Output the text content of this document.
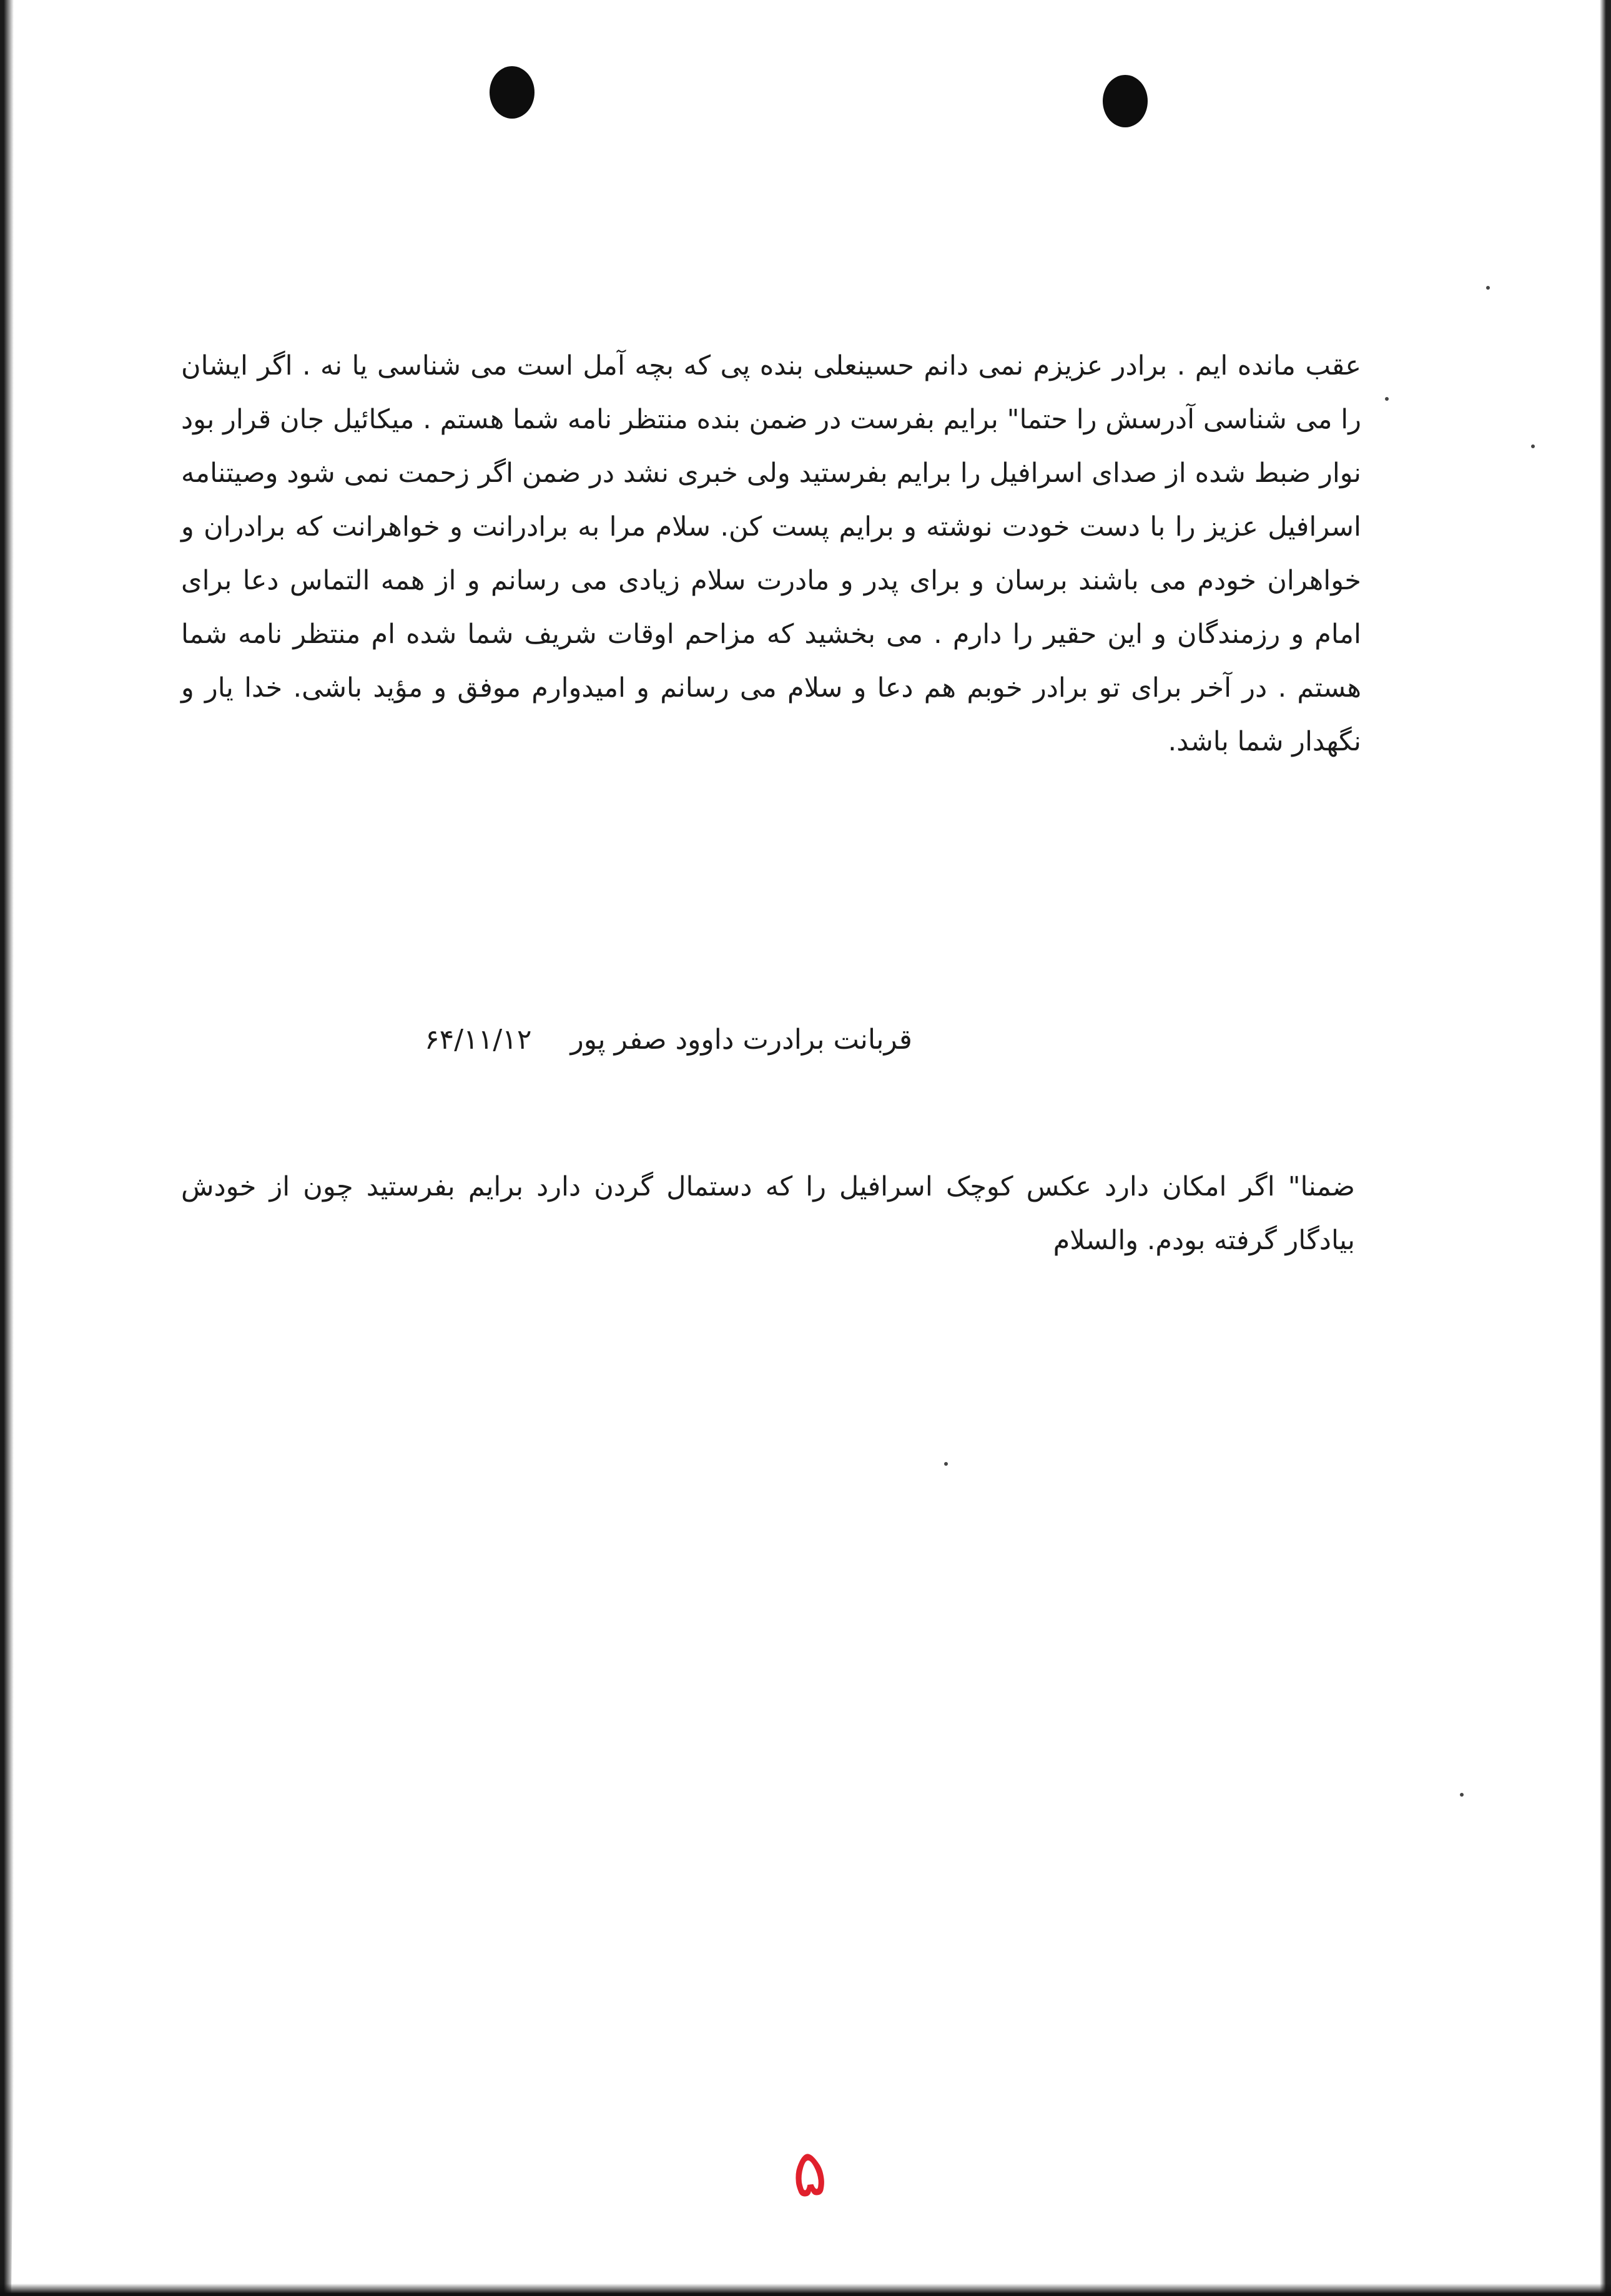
عقب مانده ایم . برادر عزیزم نمی دانم حسینعلی بنده پی که بچه آمل است می شناسی یا نه . اگر ایشان را می شناسی آدرسش را حتما" برایم بفرست در ضمن بنده منتظر نامه شما هستم . میکائیل جان قرار بود نوار ضبط شده از صدای اسرافیل را برایم بفرستید ولی خبری نشد در ضمن اگر زحمت نمی شود وصیتنامه اسرافیل عزیز را با دست خودت نوشته و برایم پست کن. سلام مرا به برادرانت و خواهرانت که برادران و خواهران خودم می باشند برسان و برای پدر و مادرت سلام زیادی می رسانم و از همه التماس دعا برای امام و رزمندگان و این حقیر را دارم . می بخشید که مزاحم اوقات شریف شما شده ام منتظر نامه شما هستم . در آخر برای تو برادر خوبم هم دعا و سلام می رسانم و امیدوارم موفق و مؤید باشی. خدا یار و نگهدار شما باشد.

قربانت برادرت داوود صفر پور ۶۴/۱۱/۱۲

ضمنا" اگر امکان دارد عکس کوچک اسرافیل را که دستمال گردن دارد برایم بفرستید چون از خودش بیادگار گرفته بودم. والسلام

۵
